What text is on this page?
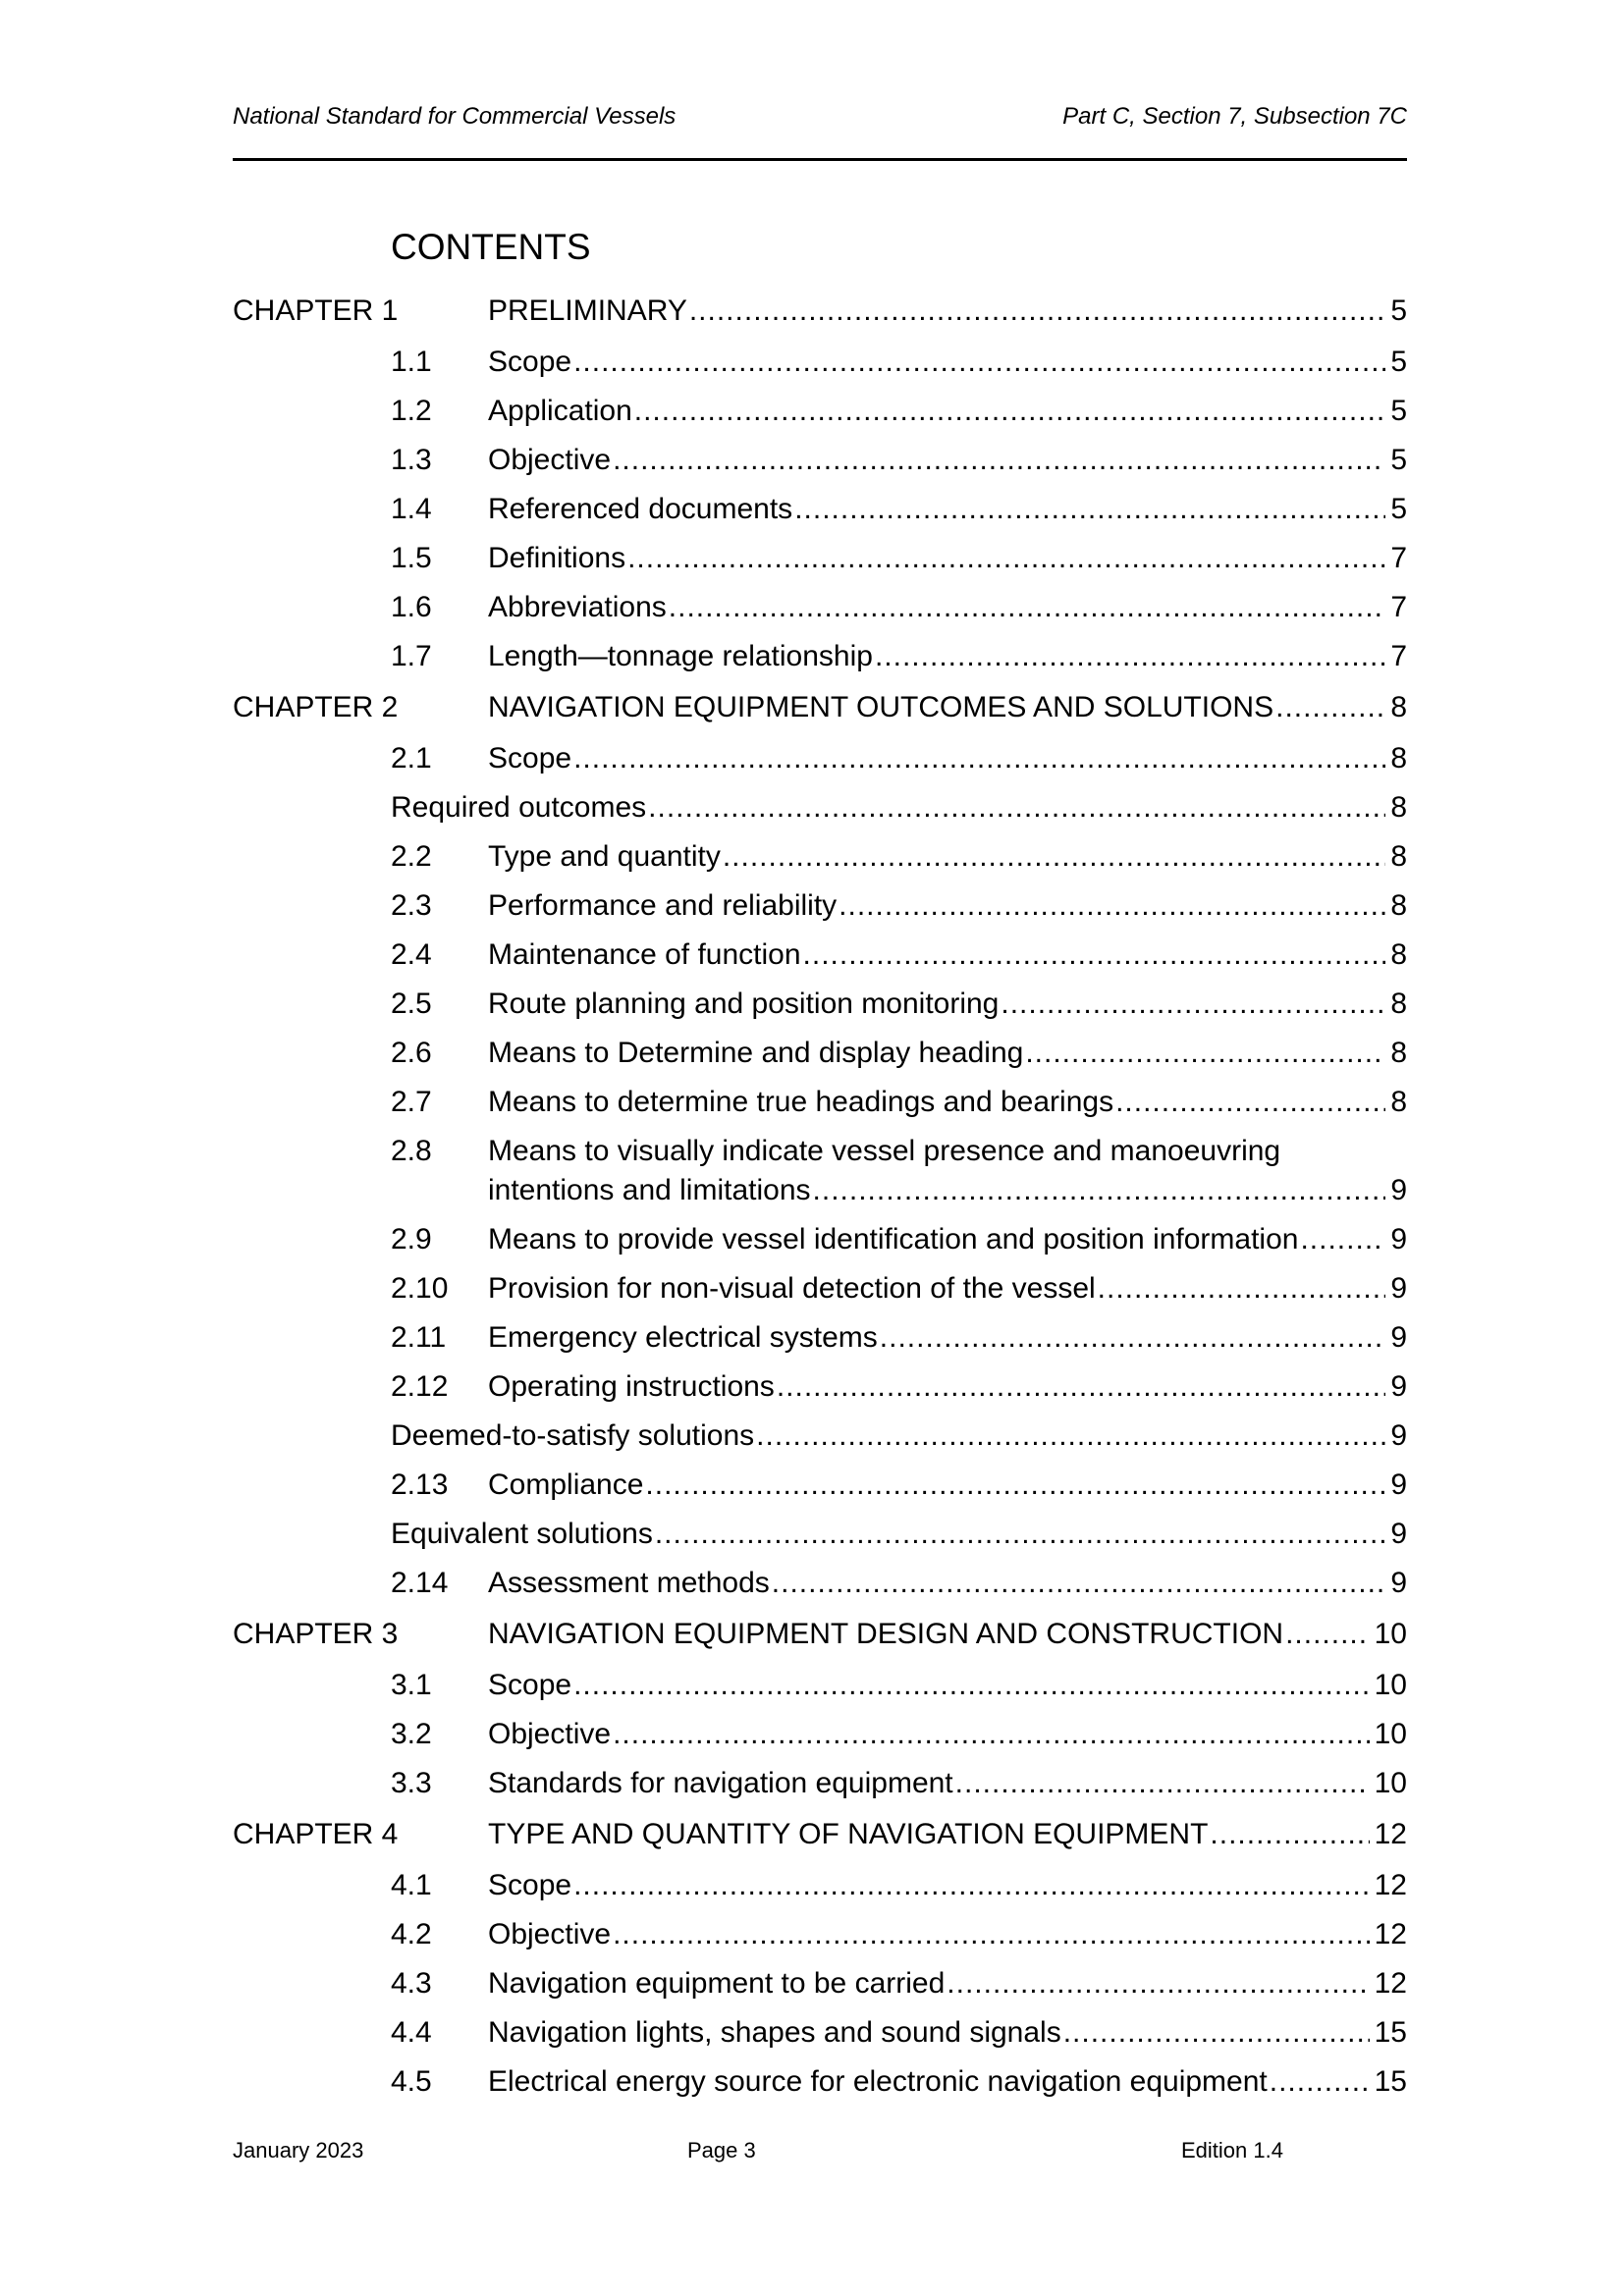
National Standard for Commercial Vessels	Part C, Section 7, Subsection 7C
CONTENTS
CHAPTER 1	PRELIMINARY .....	5
1.1 Scope .....	5
1.2 Application .....	5
1.3 Objective .....	5
1.4 Referenced documents .....	5
1.5 Definitions .....	7
1.6 Abbreviations .....	7
1.7 Length—tonnage relationship .....	7
CHAPTER 2	NAVIGATION EQUIPMENT OUTCOMES AND SOLUTIONS .....	8
2.1 Scope .....	8
Required outcomes .....	8
2.2 Type and quantity .....	8
2.3 Performance and reliability .....	8
2.4 Maintenance of function .....	8
2.5 Route planning and position monitoring .....	8
2.6 Means to Determine and display heading .....	8
2.7 Means to determine true headings and bearings .....	8
2.8 Means to visually indicate vessel presence and manoeuvring
intentions and limitations .....	9
2.9 Means to provide vessel identification and position information .....	9
2.10 Provision for non-visual detection of the vessel .....	9
2.11 Emergency electrical systems .....	9
2.12 Operating instructions .....	9
Deemed-to-satisfy solutions .....	9
2.13 Compliance .....	9
Equivalent solutions .....	9
2.14 Assessment methods .....	9
CHAPTER 3	NAVIGATION EQUIPMENT DESIGN AND CONSTRUCTION .....	10
3.1 Scope .....	10
3.2 Objective .....	10
3.3 Standards for navigation equipment .....	10
CHAPTER 4	TYPE AND QUANTITY OF NAVIGATION EQUIPMENT .....	12
4.1 Scope .....	12
4.2 Objective .....	12
4.3 Navigation equipment to be carried .....	12
4.4 Navigation lights, shapes and sound signals .....	15
4.5 Electrical energy source for electronic navigation equipment .....	15
January 2023	Page 3	Edition 1.4
